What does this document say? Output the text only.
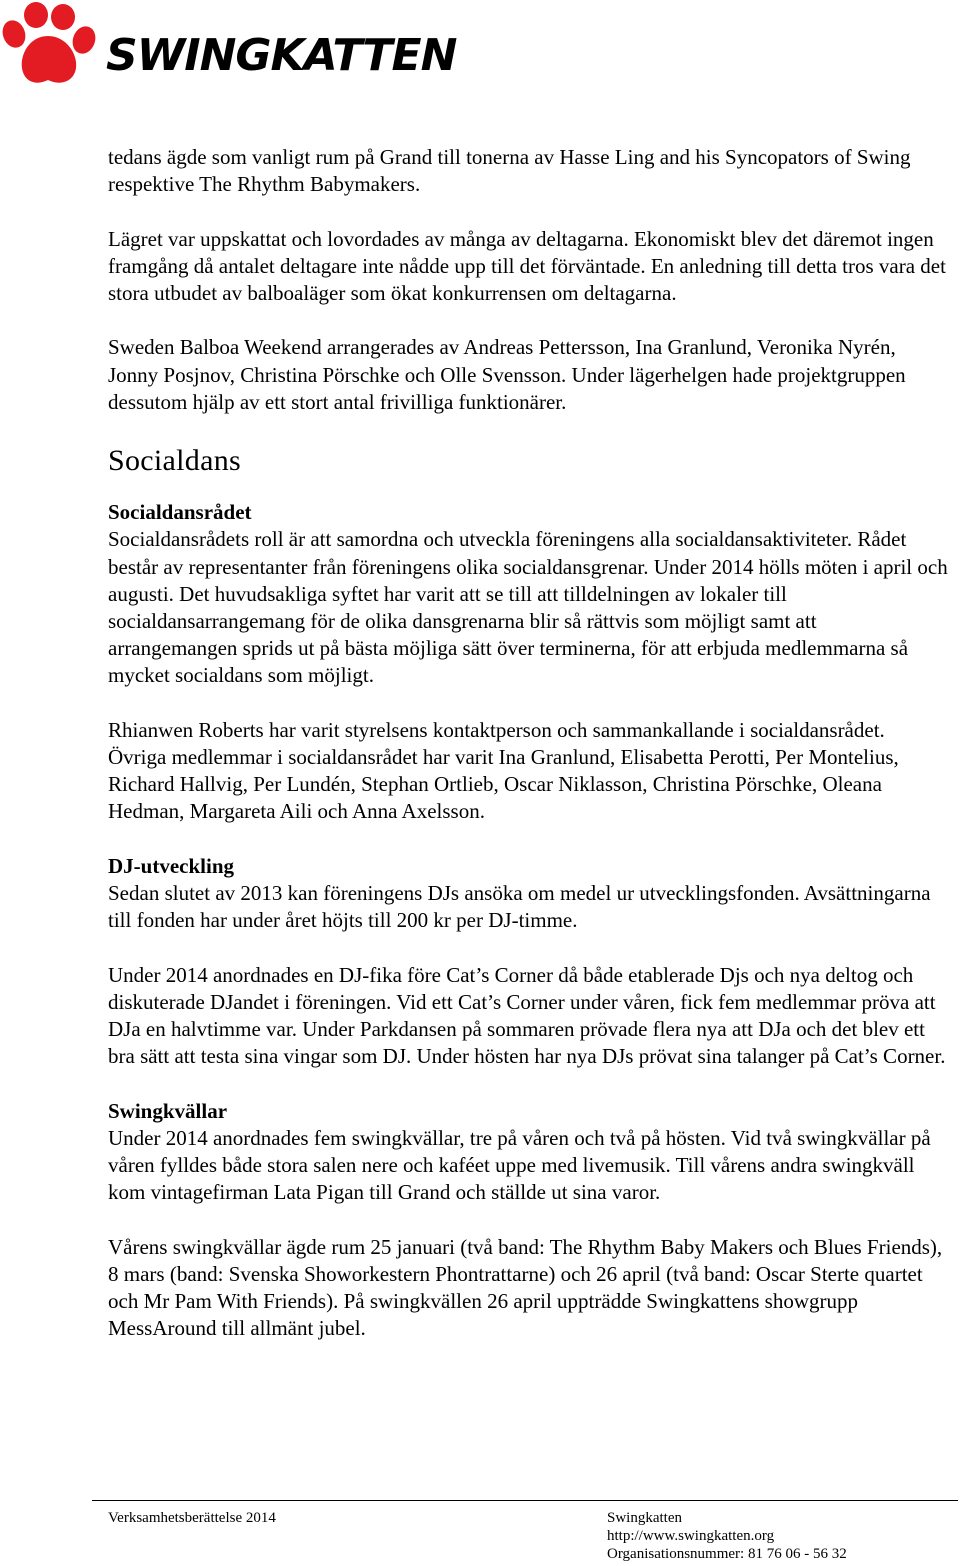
SWINGKATTEN

tedans ägde som vanligt rum på Grand till tonerna av Hasse Ling and his Syncopators of Swing respektive The Rhythm Babymakers.

Lägret var uppskattat och lovordades av många av deltagarna. Ekonomiskt blev det däremot ingen framgång då antalet deltagare inte nådde upp till det förväntade. En anledning till detta tros vara det stora utbudet av balboaläger som ökat konkurrensen om deltagarna.

Sweden Balboa Weekend arrangerades av Andreas Pettersson, Ina Granlund, Veronika Nyrén, Jonny Posjnov, Christina Pörschke och Olle Svensson. Under lägerhelgen hade projektgruppen dessutom hjälp av ett stort antal frivilliga funktionärer.

Socialdans
Socialdansrådet

Socialdansrådets roll är att samordna och utveckla föreningens alla socialdansaktiviteter. Rådet består av representanter från föreningens olika socialdansgrenar. Under 2014 hölls möten i april och augusti. Det huvudsakliga syftet har varit att se till att tilldelningen av lokaler till socialdansarrangemang för de olika dansgrenarna blir så rättvis som möjligt samt att arrangemangen sprids ut på bästa möjliga sätt över terminerna, för att erbjuda medlemmarna så mycket socialdans som möjligt.

Rhianwen Roberts har varit styrelsens kontaktperson och sammankallande i socialdansrådet. Övriga medlemmar i socialdansrådet har varit Ina Granlund, Elisabetta Perotti, Per Montelius, Richard Hallvig, Per Lundén, Stephan Ortlieb, Oscar Niklasson, Christina Pörschke, Oleana Hedman, Margareta Aili och Anna Axelsson.

DJ-utveckling

Sedan slutet av 2013 kan föreningens DJs ansöka om medel ur utvecklingsfonden. Avsättningarna till fonden har under året höjts till 200 kr per DJ-timme.

Under 2014 anordnades en DJ-fika före Cat’s Corner då både etablerade Djs och nya deltog och diskuterade DJandet i föreningen. Vid ett Cat’s Corner under våren, fick fem medlemmar pröva att DJa en halvtimme var. Under Parkdansen på sommaren prövade flera nya att DJa och det blev ett bra sätt att testa sina vingar som DJ. Under hösten har nya DJs prövat sina talanger på Cat’s Corner.

Swingkvällar

Under 2014 anordnades fem swingkvällar, tre på våren och två på hösten. Vid två swingkvällar på våren fylldes både stora salen nere och kaféet uppe med livemusik. Till vårens andra swingkväll kom vintagefirman Lata Pigan till Grand och ställde ut sina varor.

Vårens swingkvällar ägde rum 25 januari (två band: The Rhythm Baby Makers och Blues Friends), 8 mars (band: Svenska Showorkestern Phontrattarne) och 26 april (två band: Oscar Sterte quartet och Mr Pam With Friends). På swingkvällen 26 april uppträdde Swingkattens showgrupp MessAround till allmänt jubel.

Verksamhetsberättelse 2014	Swingkatten
http://www.swingkatten.org
Organisationsnummer: 81 76 06 - 56 32
